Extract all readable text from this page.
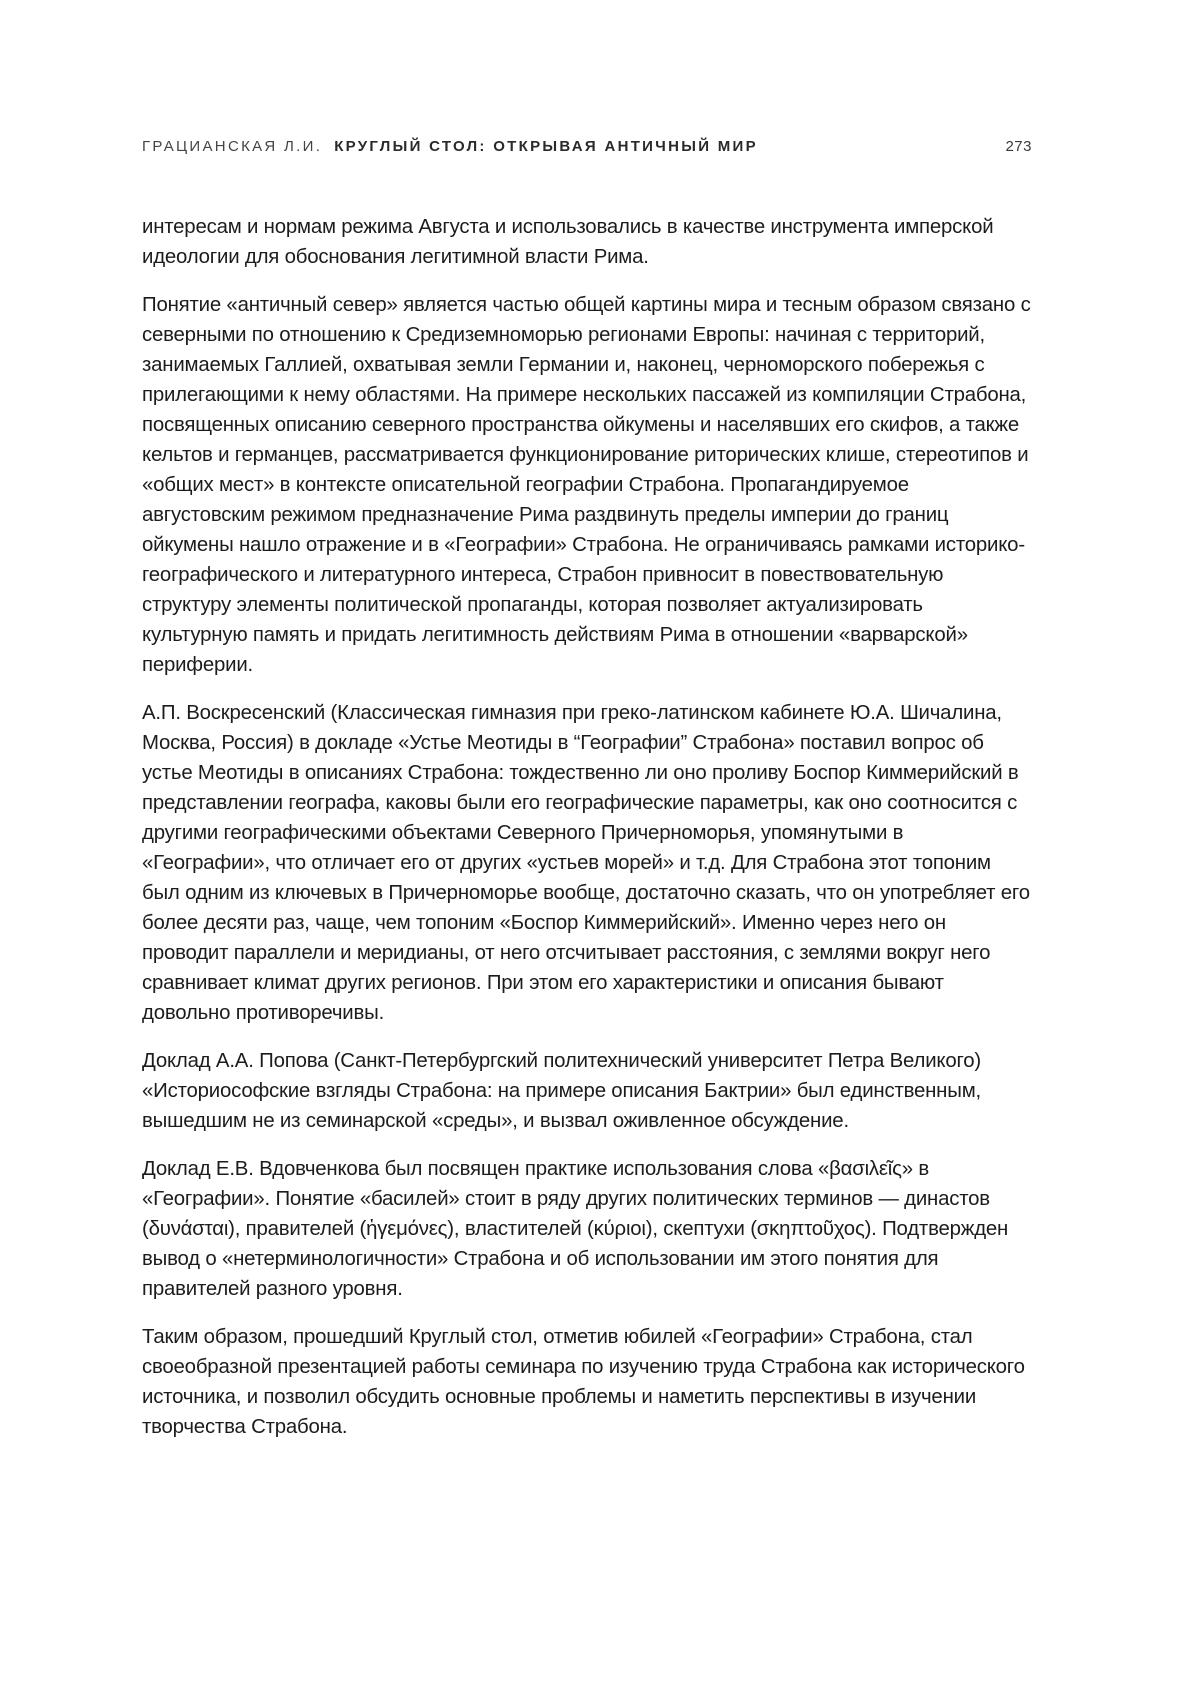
ГРАЦИАНСКАЯ Л.И. КРУГЛЫЙ СТОЛ: ОТКРЫВАЯ АНТИЧНЫЙ МИР	273

интересам и нормам режима Августа и использовались в качестве инструмента имперской идеологии для обоснования легитимной власти Рима.

Понятие «античный север» является частью общей картины мира и тесным образом связано с северными по отношению к Средиземноморью регионами Европы: начиная с территорий, занимаемых Галлией, охватывая земли Германии и, наконец, черноморского побережья с прилегающими к нему областями. На примере нескольких пассажей из компиляции Страбона, посвященных описанию северного пространства ойкумены и населявших его скифов, а также кельтов и германцев, рассматривается функционирование риторических клише, стереотипов и «общих мест» в контексте описательной географии Страбона. Пропагандируемое августовским режимом предназначение Рима раздвинуть пределы империи до границ ойкумены нашло отражение и в «Географии» Страбона. Не ограничиваясь рамками историко-географического и литературного интереса, Страбон привносит в повествовательную структуру элементы политической пропаганды, которая позволяет актуализировать культурную память и придать легитимность действиям Рима в отношении «варварской» периферии.

А.П. Воскресенский (Классическая гимназия при греко-латинском кабинете Ю.А. Шичалина, Москва, Россия) в докладе «Устье Меотиды в “Географии” Страбона» поставил вопрос об устье Меотиды в описаниях Страбона: тождественно ли оно проливу Боспор Киммерийский в представлении географа, каковы были его географические параметры, как оно соотносится с другими географическими объектами Северного Причерноморья, упомянутыми в «Географии», что отличает его от других «устьев морей» и т.д. Для Страбона этот топоним был одним из ключевых в Причерноморье вообще, достаточно сказать, что он употребляет его более десяти раз, чаще, чем топоним «Боспор Киммерийский». Именно через него он проводит параллели и меридианы, от него отсчитывает расстояния, с землями вокруг него сравнивает климат других регионов. При этом его характеристики и описания бывают довольно противоречивы.

Доклад А.А. Попова (Санкт-Петербургский политехнический университет Петра Великого) «Историософские взгляды Страбона: на примере описания Бактрии» был единственным, вышедшим не из семинарской «среды», и вызвал оживленное обсуждение.

Доклад Е.В. Вдовченкова был посвящен практике использования слова «βασιλεῖς» в «Географии». Понятие «басилей» стоит в ряду других политических терминов — династов (δυνάσται), правителей (ἡγεμόνες), властителей (κύριοι), скептухи (σκηπτοῦχος). Подтвержден вывод о «нетерминологичности» Страбона и об использовании им этого понятия для правителей разного уровня.

Таким образом, прошедший Круглый стол, отметив юбилей «Географии» Страбона, стал своеобразной презентацией работы семинара по изучению труда Страбона как исторического источника, и позволил обсудить основные проблемы и наметить перспективы в изучении творчества Страбона.
